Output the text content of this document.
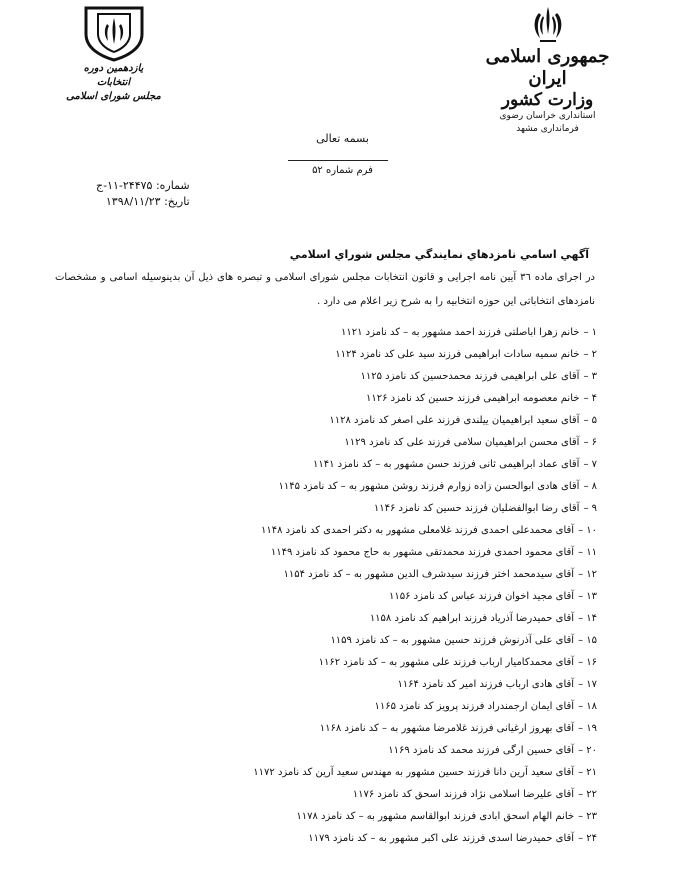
جمهوری اسلامی ایران
وزارت کشور
استانداری خراسان رضوی
فرمانداری مشهد
یازدهمین دوره انتخابات
مجلس شورای اسلامی
بسمه تعالی
فرم شماره ۵۲
شماره: ۲۴۴۷۵-۱۱-ج
تاریخ: ۱۳۹۸/۱۱/۲۳
آگهي اسامي نامزدهاي نمايندگي مجلس شوراي اسلامي
در اجرای ماده ٣٦ آیین نامه اجرایی و قانون انتخابات مجلس شورای اسلامی و تبصره های ذیل آن بدینوسیله اسامی و مشخصات نامزدهای انتخاباتی این حوزه انتخابیه را به شرح زیر اعلام می دارد .
۱ –خانم زهرا اباصلتی فرزند احمد مشهور به – کد نامزد ۱۱۲۱
۲ –خانم سمیه سادات ابراهیمی فرزند سید علی کد نامزد ۱۱۲۴
۳ –آقای علی ابراهیمی فرزند محمدحسین کد نامزد ۱۱۲۵
۴ –خانم معصومه ابراهیمی فرزند حسین کد نامزد ۱۱۲۶
۵ –آقای سعید ابراهیمیان ییلندی فرزند علی اصغر کد نامزد ۱۱۲۸
۶ –آقای محسن ابراهیمیان سلامی فرزند علی کد نامزد ۱۱۲۹
۷ –آقای عماد ابراهیمی ثانی فرزند حسن مشهور به – کد نامزد ۱۱۴۱
۸ –آقای هادی ابوالحسن زاده زوارم فرزند روشن مشهور به – کد نامزد ۱۱۴۵
۹ –آقای رضا ابوالفضلیان فرزند حسین کد نامزد ۱۱۴۶
۱۰ –آقای محمدعلی احمدی فرزند غلامعلی مشهور به دکتر احمدی کد نامزد ۱۱۴۸
۱۱ –آقای محمود احمدی فرزند محمدتقی مشهور به حاج محمود کد نامزد ۱۱۴۹
۱۲ –آقای سیدمحمد اختر فرزند سیدشرف الدین مشهور به – کد نامزد ۱۱۵۴
۱۳ –آقای مجید اخوان فرزند عباس کد نامزد ۱۱۵۶
۱۴ –آقای حمیدرضا آذریاد فرزند ابراهیم کد نامزد ۱۱۵۸
۱۵ –آقای علی آذرنوش فرزند حسین مشهور به – کد نامزد ۱۱۵۹
۱۶ –آقای محمدکامیار ارباب فرزند علی مشهور به – کد نامزد ۱۱۶۲
۱۷ –آقای هادی ارباب فرزند امیر کد نامزد ۱۱۶۴
۱۸ –آقای ایمان ارجمندراد فرزند پرویز کد نامزد ۱۱۶۵
۱۹ –آقای بهروز ارغیانی فرزند غلامرضا مشهور به – کد نامزد ۱۱۶۸
۲۰ –آقای حسین ارگی فرزند محمد کد نامزد ۱۱۶۹
۲۱ –آقای سعید آرین دانا فرزند حسین مشهور به مهندس سعید آرین کد نامزد ۱۱۷۲
۲۲ –آقای علیرضا اسلامی نژاد فرزند اسحق کد نامزد ۱۱۷۶
۲۳ –خانم الهام اسحق ابادی فرزند ابوالقاسم مشهور به – کد نامزد ۱۱۷۸
۲۴ –آقای حمیدرضا اسدی فرزند علی اکبر مشهور به – کد نامزد ۱۱۷۹
